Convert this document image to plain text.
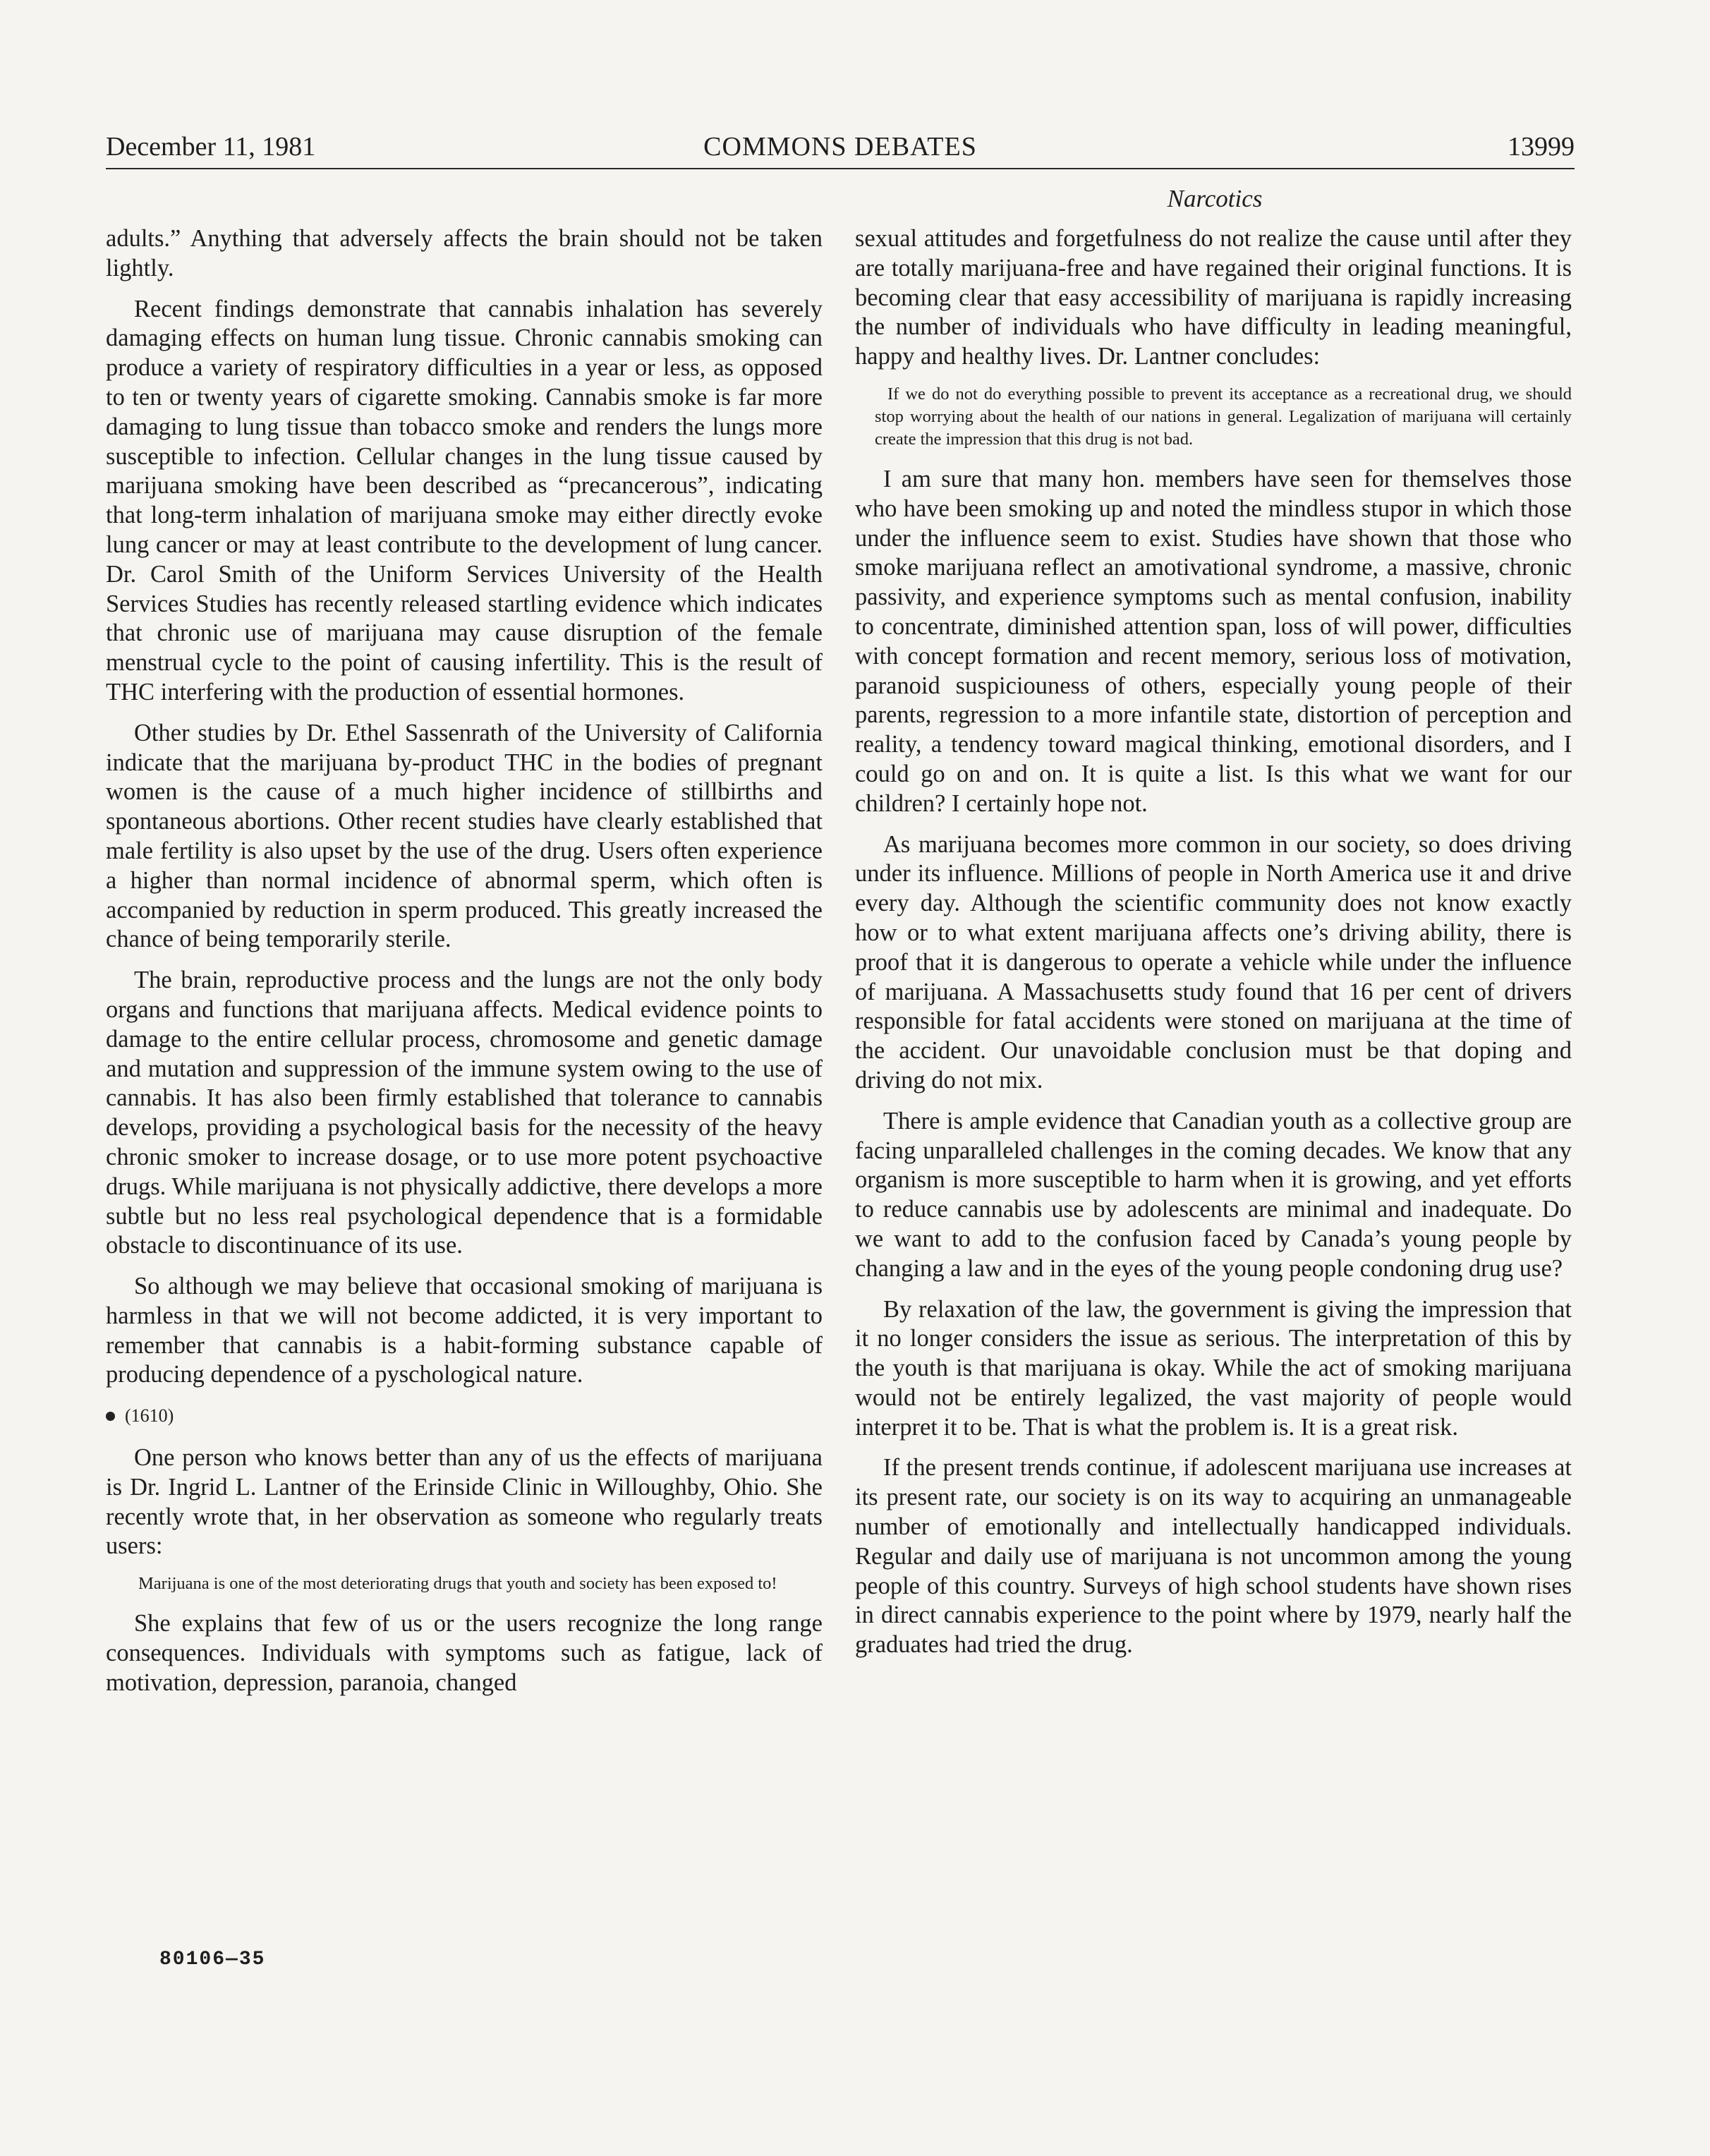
December 11, 1981	COMMONS DEBATES	13999
Narcotics

adults.” Anything that adversely affects the brain should not be taken lightly.

Recent findings demonstrate that cannabis inhalation has severely damaging effects on human lung tissue. Chronic cannabis smoking can produce a variety of respiratory difficulties in a year or less, as opposed to ten or twenty years of cigarette smoking. Cannabis smoke is far more damaging to lung tissue than tobacco smoke and renders the lungs more susceptible to infection. Cellular changes in the lung tissue caused by marijuana smoking have been described as “precancerous”, indicating that long-term inhalation of marijuana smoke may either directly evoke lung cancer or may at least contribute to the development of lung cancer. Dr. Carol Smith of the Uniform Services University of the Health Services Studies has recently released startling evidence which indicates that chronic use of marijuana may cause disruption of the female menstrual cycle to the point of causing infertility. This is the result of THC interfering with the production of essential hormones.

Other studies by Dr. Ethel Sassenrath of the University of California indicate that the marijuana by-product THC in the bodies of pregnant women is the cause of a much higher incidence of stillbirths and spontaneous abortions. Other recent studies have clearly established that male fertility is also upset by the use of the drug. Users often experience a higher than normal incidence of abnormal sperm, which often is accompanied by reduction in sperm produced. This greatly increased the chance of being temporarily sterile.

The brain, reproductive process and the lungs are not the only body organs and functions that marijuana affects. Medical evidence points to damage to the entire cellular process, chromosome and genetic damage and mutation and suppression of the immune system owing to the use of cannabis. It has also been firmly established that tolerance to cannabis develops, providing a psychological basis for the necessity of the heavy chronic smoker to increase dosage, or to use more potent psychoactive drugs. While marijuana is not physically addictive, there develops a more subtle but no less real psychological dependence that is a formidable obstacle to discontinuance of its use.

So although we may believe that occasional smoking of marijuana is harmless in that we will not become addicted, it is very important to remember that cannabis is a habit-forming substance capable of producing dependence of a pyschological nature.

(1610)

One person who knows better than any of us the effects of marijuana is Dr. Ingrid L. Lantner of the Erinside Clinic in Willoughby, Ohio. She recently wrote that, in her observation as someone who regularly treats users:

Marijuana is one of the most deteriorating drugs that youth and society has been exposed to!

She explains that few of us or the users recognize the long range consequences. Individuals with symptoms such as fatigue, lack of motivation, depression, paranoia, changed

sexual attitudes and forgetfulness do not realize the cause until after they are totally marijuana-free and have regained their original functions. It is becoming clear that easy accessibility of marijuana is rapidly increasing the number of individuals who have difficulty in leading meaningful, happy and healthy lives. Dr. Lantner concludes:

If we do not do everything possible to prevent its acceptance as a recreational drug, we should stop worrying about the health of our nations in general. Legalization of marijuana will certainly create the impression that this drug is not bad.

I am sure that many hon. members have seen for themselves those who have been smoking up and noted the mindless stupor in which those under the influence seem to exist. Studies have shown that those who smoke marijuana reflect an amotivational syndrome, a massive, chronic passivity, and experience symptoms such as mental confusion, inability to concentrate, diminished attention span, loss of will power, difficulties with concept formation and recent memory, serious loss of motivation, paranoid suspiciouness of others, especially young people of their parents, regression to a more infantile state, distortion of perception and reality, a tendency toward magical thinking, emotional disorders, and I could go on and on. It is quite a list. Is this what we want for our children? I certainly hope not.

As marijuana becomes more common in our society, so does driving under its influence. Millions of people in North America use it and drive every day. Although the scientific community does not know exactly how or to what extent marijuana affects one’s driving ability, there is proof that it is dangerous to operate a vehicle while under the influence of marijuana. A Massachusetts study found that 16 per cent of drivers responsible for fatal accidents were stoned on marijuana at the time of the accident. Our unavoidable conclusion must be that doping and driving do not mix.

There is ample evidence that Canadian youth as a collective group are facing unparalleled challenges in the coming decades. We know that any organism is more susceptible to harm when it is growing, and yet efforts to reduce cannabis use by adolescents are minimal and inadequate. Do we want to add to the confusion faced by Canada’s young people by changing a law and in the eyes of the young people condoning drug use?

By relaxation of the law, the government is giving the impression that it no longer considers the issue as serious. The interpretation of this by the youth is that marijuana is okay. While the act of smoking marijuana would not be entirely legalized, the vast majority of people would interpret it to be. That is what the problem is. It is a great risk.

If the present trends continue, if adolescent marijuana use increases at its present rate, our society is on its way to acquiring an unmanageable number of emotionally and intellectually handicapped individuals. Regular and daily use of marijuana is not uncommon among the young people of this country. Surveys of high school students have shown rises in direct cannabis experience to the point where by 1979, nearly half the graduates had tried the drug.

80106—35
